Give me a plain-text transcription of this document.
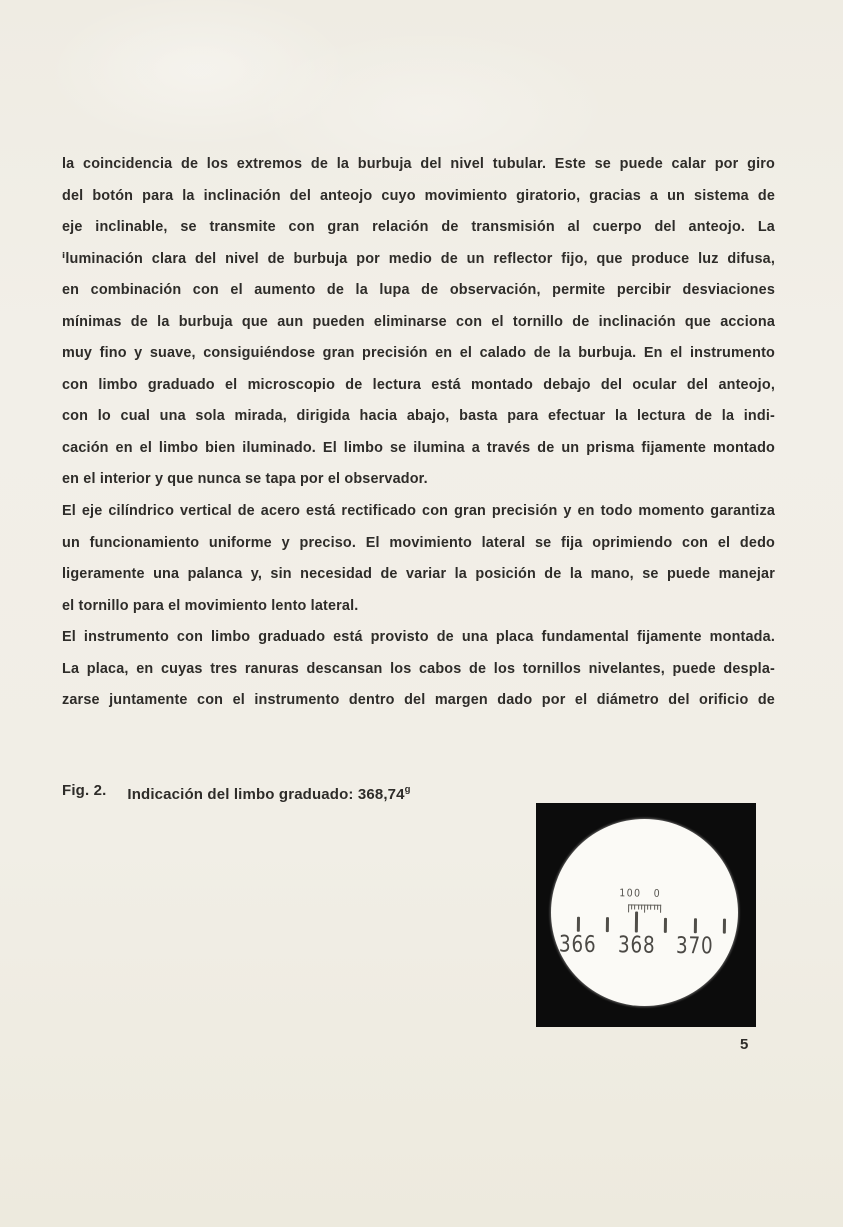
la coincidencia de los extremos de la burbuja del nivel tubular. Este se puede calar por giro
del botón para la inclinación del anteojo cuyo movimiento giratorio, gracias a un sistema de
eje inclinable, se transmite con gran relación de transmisión al cuerpo del anteojo. La
ⁱluminación clara del nivel de burbuja por medio de un reflector fijo, que produce luz difusa,
en combinación con el aumento de la lupa de observación, permite percibir desviaciones
mínimas de la burbuja que aun pueden eliminarse con el tornillo de inclinación que acciona
muy fino y suave, consiguiéndose gran precisión en el calado de la burbuja. En el instrumento
con limbo graduado el microscopio de lectura está montado debajo del ocular del anteojo,
con lo cual una sola mirada, dirigida hacia abajo, basta para efectuar la lectura de la indi-
cación en el limbo bien iluminado. El limbo se ilumina a través de un prisma fijamente montado
en el interior y que nunca se tapa por el observador.
El eje cilíndrico vertical de acero está rectificado con gran precisión y en todo momento garantiza
un funcionamiento uniforme y preciso. El movimiento lateral se fija oprimiendo con el dedo
ligeramente una palanca y, sin necesidad de variar la posición de la mano, se puede manejar
el tornillo para el movimiento lento lateral.
El instrumento con limbo graduado está provisto de una placa fundamental fijamente montada.
La placa, en cuyas tres ranuras descansan los cabos de los tornillos nivelantes, puede despla-
zarse juntamente con el instrumento dentro del margen dado por el diámetro del orificio de
Fig. 2. Indicación del limbo graduado: 368,74$^g$
100 0
366 368 370
5
